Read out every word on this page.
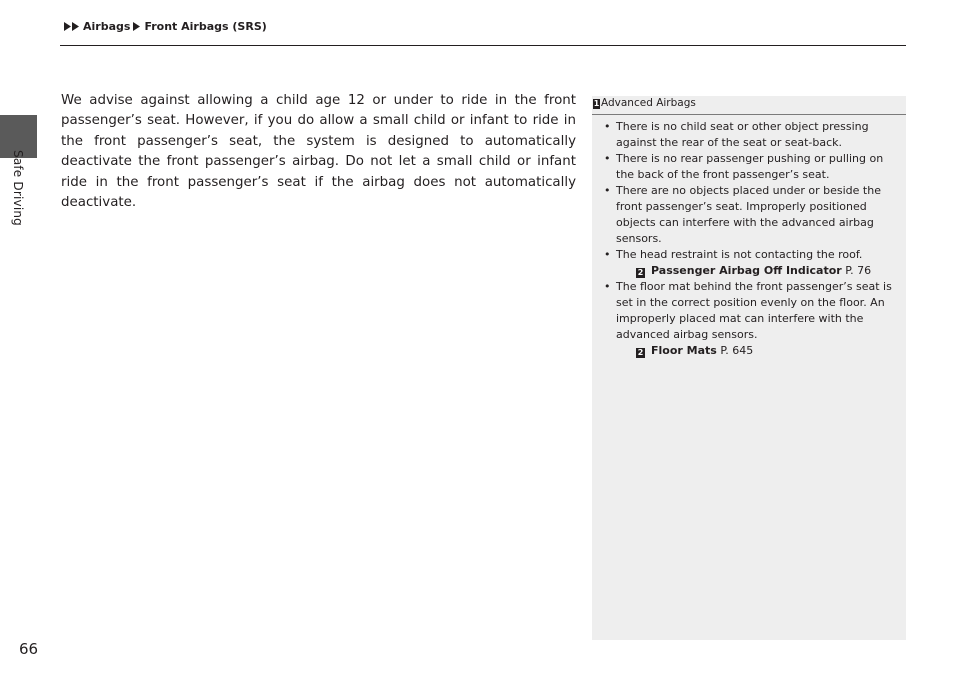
Safe Driving
Airbags Front Airbags (SRS)
We advise against allowing a child age 12 or under to ride in the front passenger’s seat. However, if you do allow a small child or infant to ride in the front passenger’s seat, the system is designed to automatically deactivate the front passenger’s airbag. Do not let a small child or infant ride in the front passenger’s seat if the airbag does not automatically deactivate.
1 Advanced Airbags
• There is no child seat or other object pressing against the rear of the seat or seat-back.
• There is no rear passenger pushing or pulling on the back of the front passenger’s seat.
• There are no objects placed under or beside the front passenger’s seat. Improperly positioned objects can interfere with the advanced airbag sensors.
• The head restraint is not contacting the roof.
2 Passenger Airbag Off Indicator P. 76
• The floor mat behind the front passenger’s seat is set in the correct position evenly on the floor. An improperly placed mat can interfere with the advanced airbag sensors.
2 Floor Mats P. 645
66
